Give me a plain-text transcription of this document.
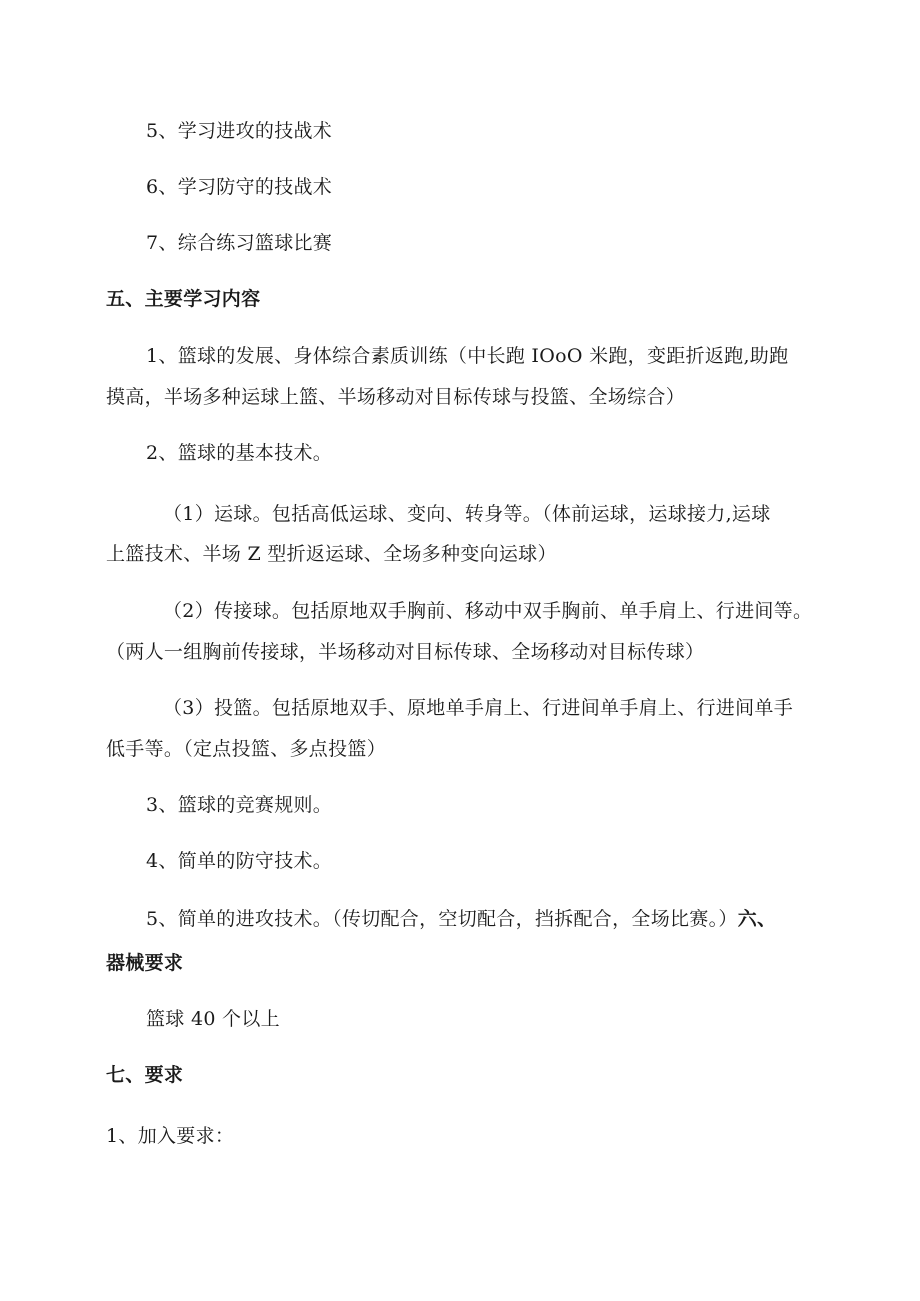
5、学习进攻的技战术
6、学习防守的技战术
7、综合练习篮球比赛
五、主要学习内容
1、篮球的发展、身体综合素质训练（中长跑 IOoO 米跑，变距折返跑,助跑
摸高，半场多种运球上篮、半场移动对目标传球与投篮、全场综合）
2、篮球的基本技术。
（1）运球。包括高低运球、变向、转身等。（体前运球，运球接力,运球
上篮技术、半场 Z 型折返运球、全场多种变向运球）
（2）传接球。包括原地双手胸前、移动中双手胸前、单手肩上、行进间等。
（两人一组胸前传接球，半场移动对目标传球、全场移动对目标传球）
（3）投篮。包括原地双手、原地单手肩上、行进间单手肩上、行进间单手
低手等。（定点投篮、多点投篮）
3、篮球的竞赛规则。
4、简单的防守技术。
5、简单的进攻技术。（传切配合，空切配合，挡拆配合，全场比赛。）六、
器械要求
篮球 40 个以上
七、要求
1、加入要求：
